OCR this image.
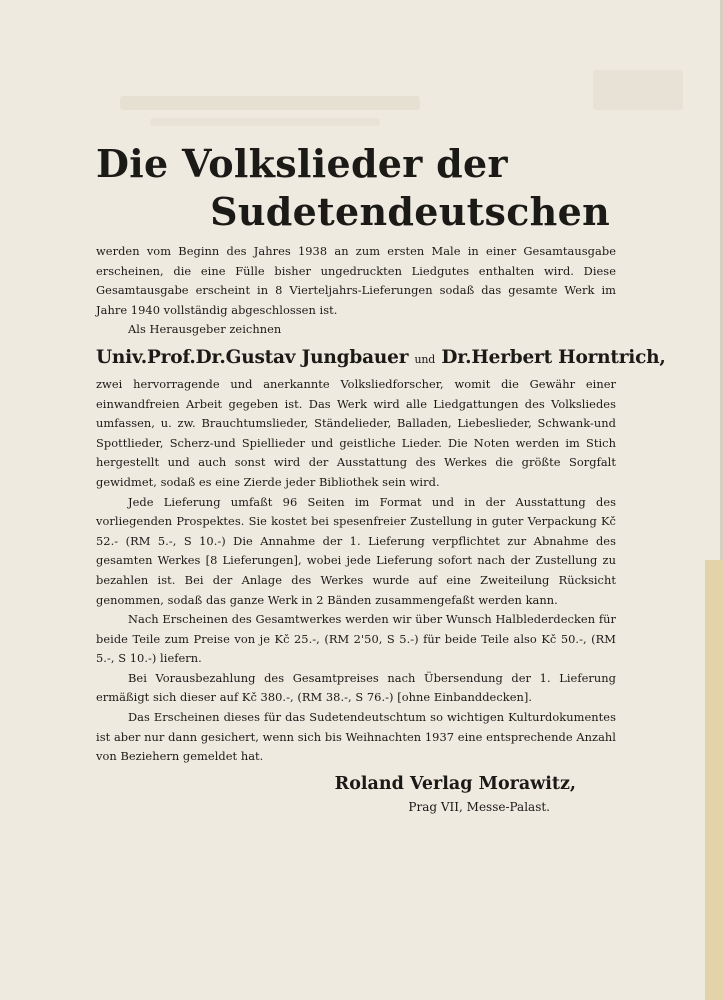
Die Volkslieder der
Sudetendeutschen

werden vom Beginn des Jahres 1938 an zum ersten Male in einer Gesamtausgabe erscheinen, die eine Fülle bisher ungedruckten Liedgutes enthalten wird. Diese Gesamtausgabe erscheint in 8 Vierteljahrs-Lieferungen sodaß das gesamte Werk im Jahre 1940 vollständig abgeschlossen ist.

Als Herausgeber zeichnen

Univ.Prof.Dr.Gustav Jungbauer und Dr.Herbert Horntrich,

zwei hervorragende und anerkannte Volksliedforscher, womit die Gewähr einer einwandfreien Arbeit gegeben ist. Das Werk wird alle Liedgattungen des Volksliedes umfassen, u. zw. Brauchtumslieder, Ständelieder, Balladen, Liebeslieder, Schwank-und Spottlieder, Scherz-und Spiellieder und geistliche Lieder. Die Noten werden im Stich hergestellt und auch sonst wird der Ausstattung des Werkes die größte Sorgfalt gewidmet, sodaß es eine Zierde jeder Bibliothek sein wird.

Jede Lieferung umfaßt 96 Seiten im Format und in der Ausstattung des vorliegenden Prospektes. Sie kostet bei spesenfreier Zustellung in guter Verpackung Kč 52.- (RM 5.-, S 10.-) Die Annahme der 1. Lieferung verpflichtet zur Abnahme des gesamten Werkes [8 Lieferungen], wobei jede Lieferung sofort nach der Zustellung zu bezahlen ist. Bei der Anlage des Werkes wurde auf eine Zweiteilung Rücksicht genommen, sodaß das ganze Werk in 2 Bänden zusammengefaßt werden kann.

Nach Erscheinen des Gesamtwerkes werden wir über Wunsch Halblederdecken für beide Teile zum Preise von je Kč 25.-, (RM 2'50, S 5.-) für beide Teile also Kč 50.-, (RM 5.-, S 10.-) liefern.

Bei Vorausbezahlung des Gesamtpreises nach Übersendung der 1. Lieferung ermäßigt sich dieser auf Kč 380.-, (RM 38.-, S 76.-) [ohne Einbanddecken].

Das Erscheinen dieses für das Sudetendeutschtum so wichtigen Kulturdokumentes ist aber nur dann gesichert, wenn sich bis Weihnachten 1937 eine entsprechende Anzahl von Beziehern gemeldet hat.

Roland Verlag Morawitz,
Prag VII, Messe-Palast.
